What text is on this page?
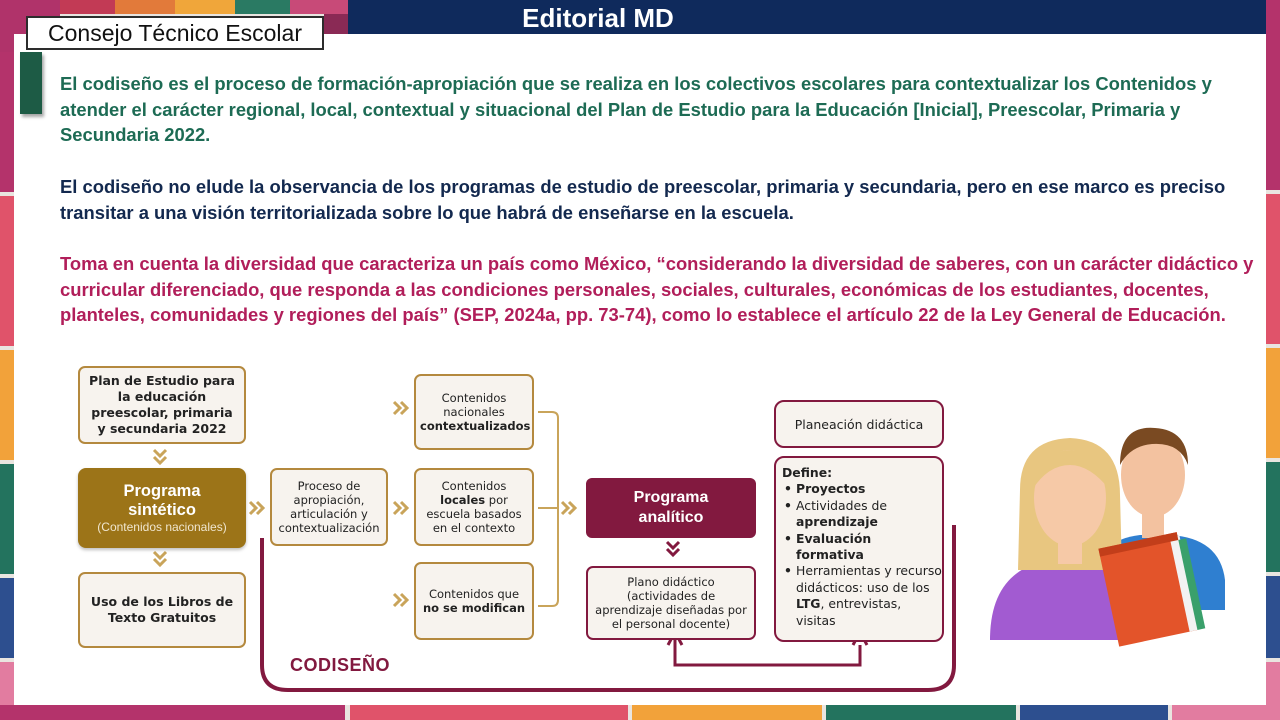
Editorial MD
Consejo Técnico Escolar

El codiseño es el proceso de formación-apropiación que se realiza en los colectivos escolares para contextualizar los Contenidos y atender el carácter regional, local, contextual y situacional del Plan de Estudio para la Educación [Inicial], Preescolar, Primaria y Secundaria 2022.

El codiseño no elude la observancia de los programas de estudio de preescolar, primaria y secundaria, pero en ese marco es preciso transitar a una visión territorializada sobre lo que habrá de enseñarse en la escuela.

Toma en cuenta la diversidad que caracteriza un país como México, “considerando la diversidad de saberes, con un carácter didáctico y curricular diferenciado, que responda a las condiciones personales, sociales, culturales, económicas de los estudiantes, docentes, planteles, comunidades y regiones del país” (SEP, 2024a, pp. 73-74), como lo establece el artículo 22 de la Ley General de Educación.

Plan de Estudio para
la educación
preescolar, primaria
y secundaria 2022
Programa
sintético
(Contenidos nacionales)
Uso de los Libros de
Texto Gratuitos
Proceso de
apropiación,
articulación y
contextualización
Contenidos
nacionales
contextualizados
Contenidos
locales por
escuela basados
en el contexto
Contenidos que
no se modifican
Programa
analítico
Plano didáctico
(actividades de
aprendizaje diseñadas por
el personal docente)
Planeación didáctica
Define:
• Proyectos
• Actividades de
aprendizaje
• Evaluación formativa
• Herramientas y recurso didácticos: uso de los LTG, entrevistas, visitas
CODISEÑO
